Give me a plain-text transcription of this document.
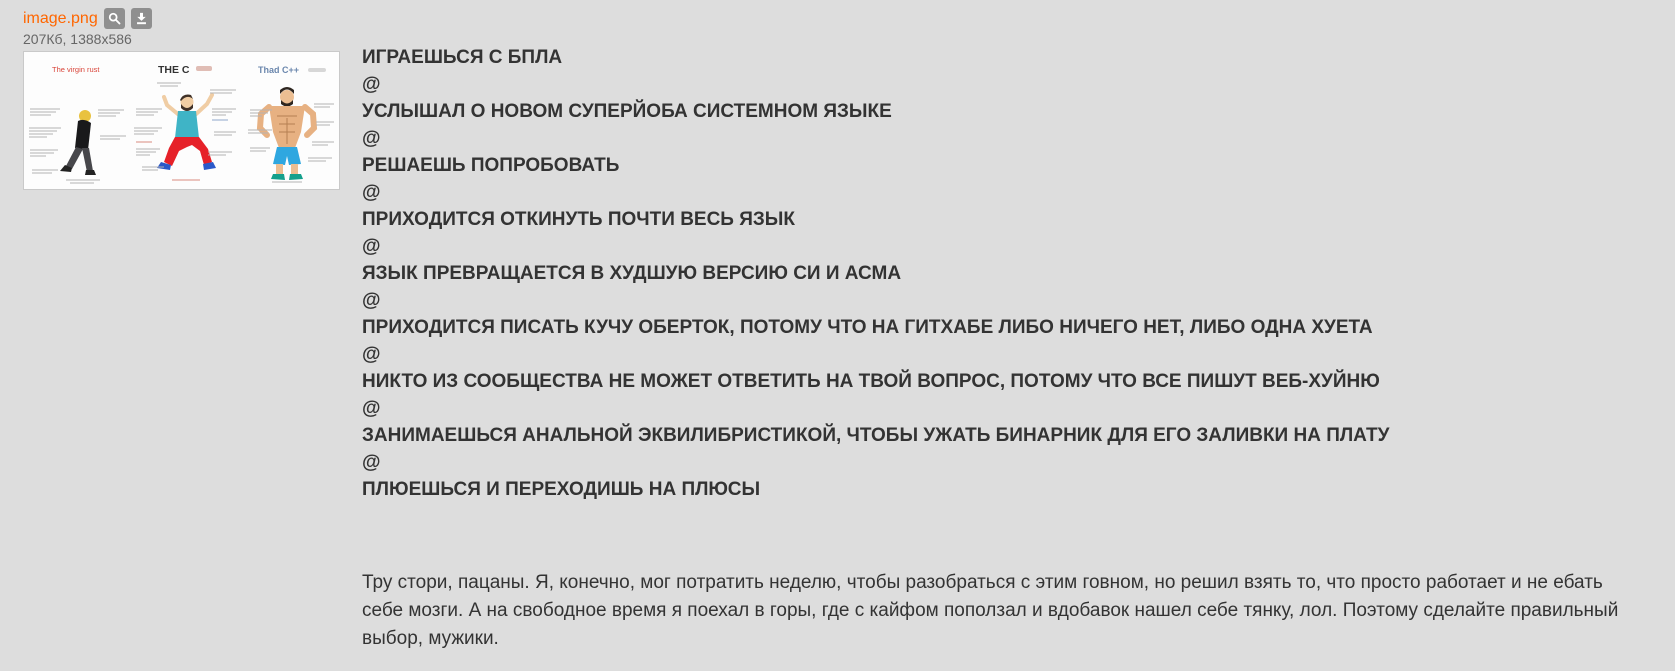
image.png
207Кб, 1388x586
The virgin rust	THE C	Thad C++
ИГРАЕШЬСЯ С БПЛА
@
УСЛЫШАЛ О НОВОМ СУПЕРЙОБА СИСТЕМНОМ ЯЗЫКЕ
@
РЕШАЕШЬ ПОПРОБОВАТЬ
@
ПРИХОДИТСЯ ОТКИНУТЬ ПОЧТИ ВЕСЬ ЯЗЫК
@
ЯЗЫК ПРЕВРАЩАЕТСЯ В ХУДШУЮ ВЕРСИЮ СИ И АСМА
@
ПРИХОДИТСЯ ПИСАТЬ КУЧУ ОБЕРТОК, ПОТОМУ ЧТО НА ГИТХАБЕ ЛИБО НИЧЕГО НЕТ, ЛИБО ОДНА ХУЕТА
@
НИКТО ИЗ СООБЩЕСТВА НЕ МОЖЕТ ОТВЕТИТЬ НА ТВОЙ ВОПРОС, ПОТОМУ ЧТО ВСЕ ПИШУТ ВЕБ-ХУЙНЮ
@
ЗАНИМАЕШЬСЯ АНАЛЬНОЙ ЭКВИЛИБРИСТИКОЙ, ЧТОБЫ УЖАТЬ БИНАРНИК ДЛЯ ЕГО ЗАЛИВКИ НА ПЛАТУ
@
ПЛЮЕШЬСЯ И ПЕРЕХОДИШЬ НА ПЛЮСЫ

Тру стори, пацаны. Я, конечно, мог потратить неделю, чтобы разобраться с этим говном, но решил взять то, что просто работает и не ебать себе мозги. А на свободное время я поехал в горы, где с кайфом поползал и вдобавок нашел себе тянку, лол. Поэтому сделайте правильный выбор, мужики.
